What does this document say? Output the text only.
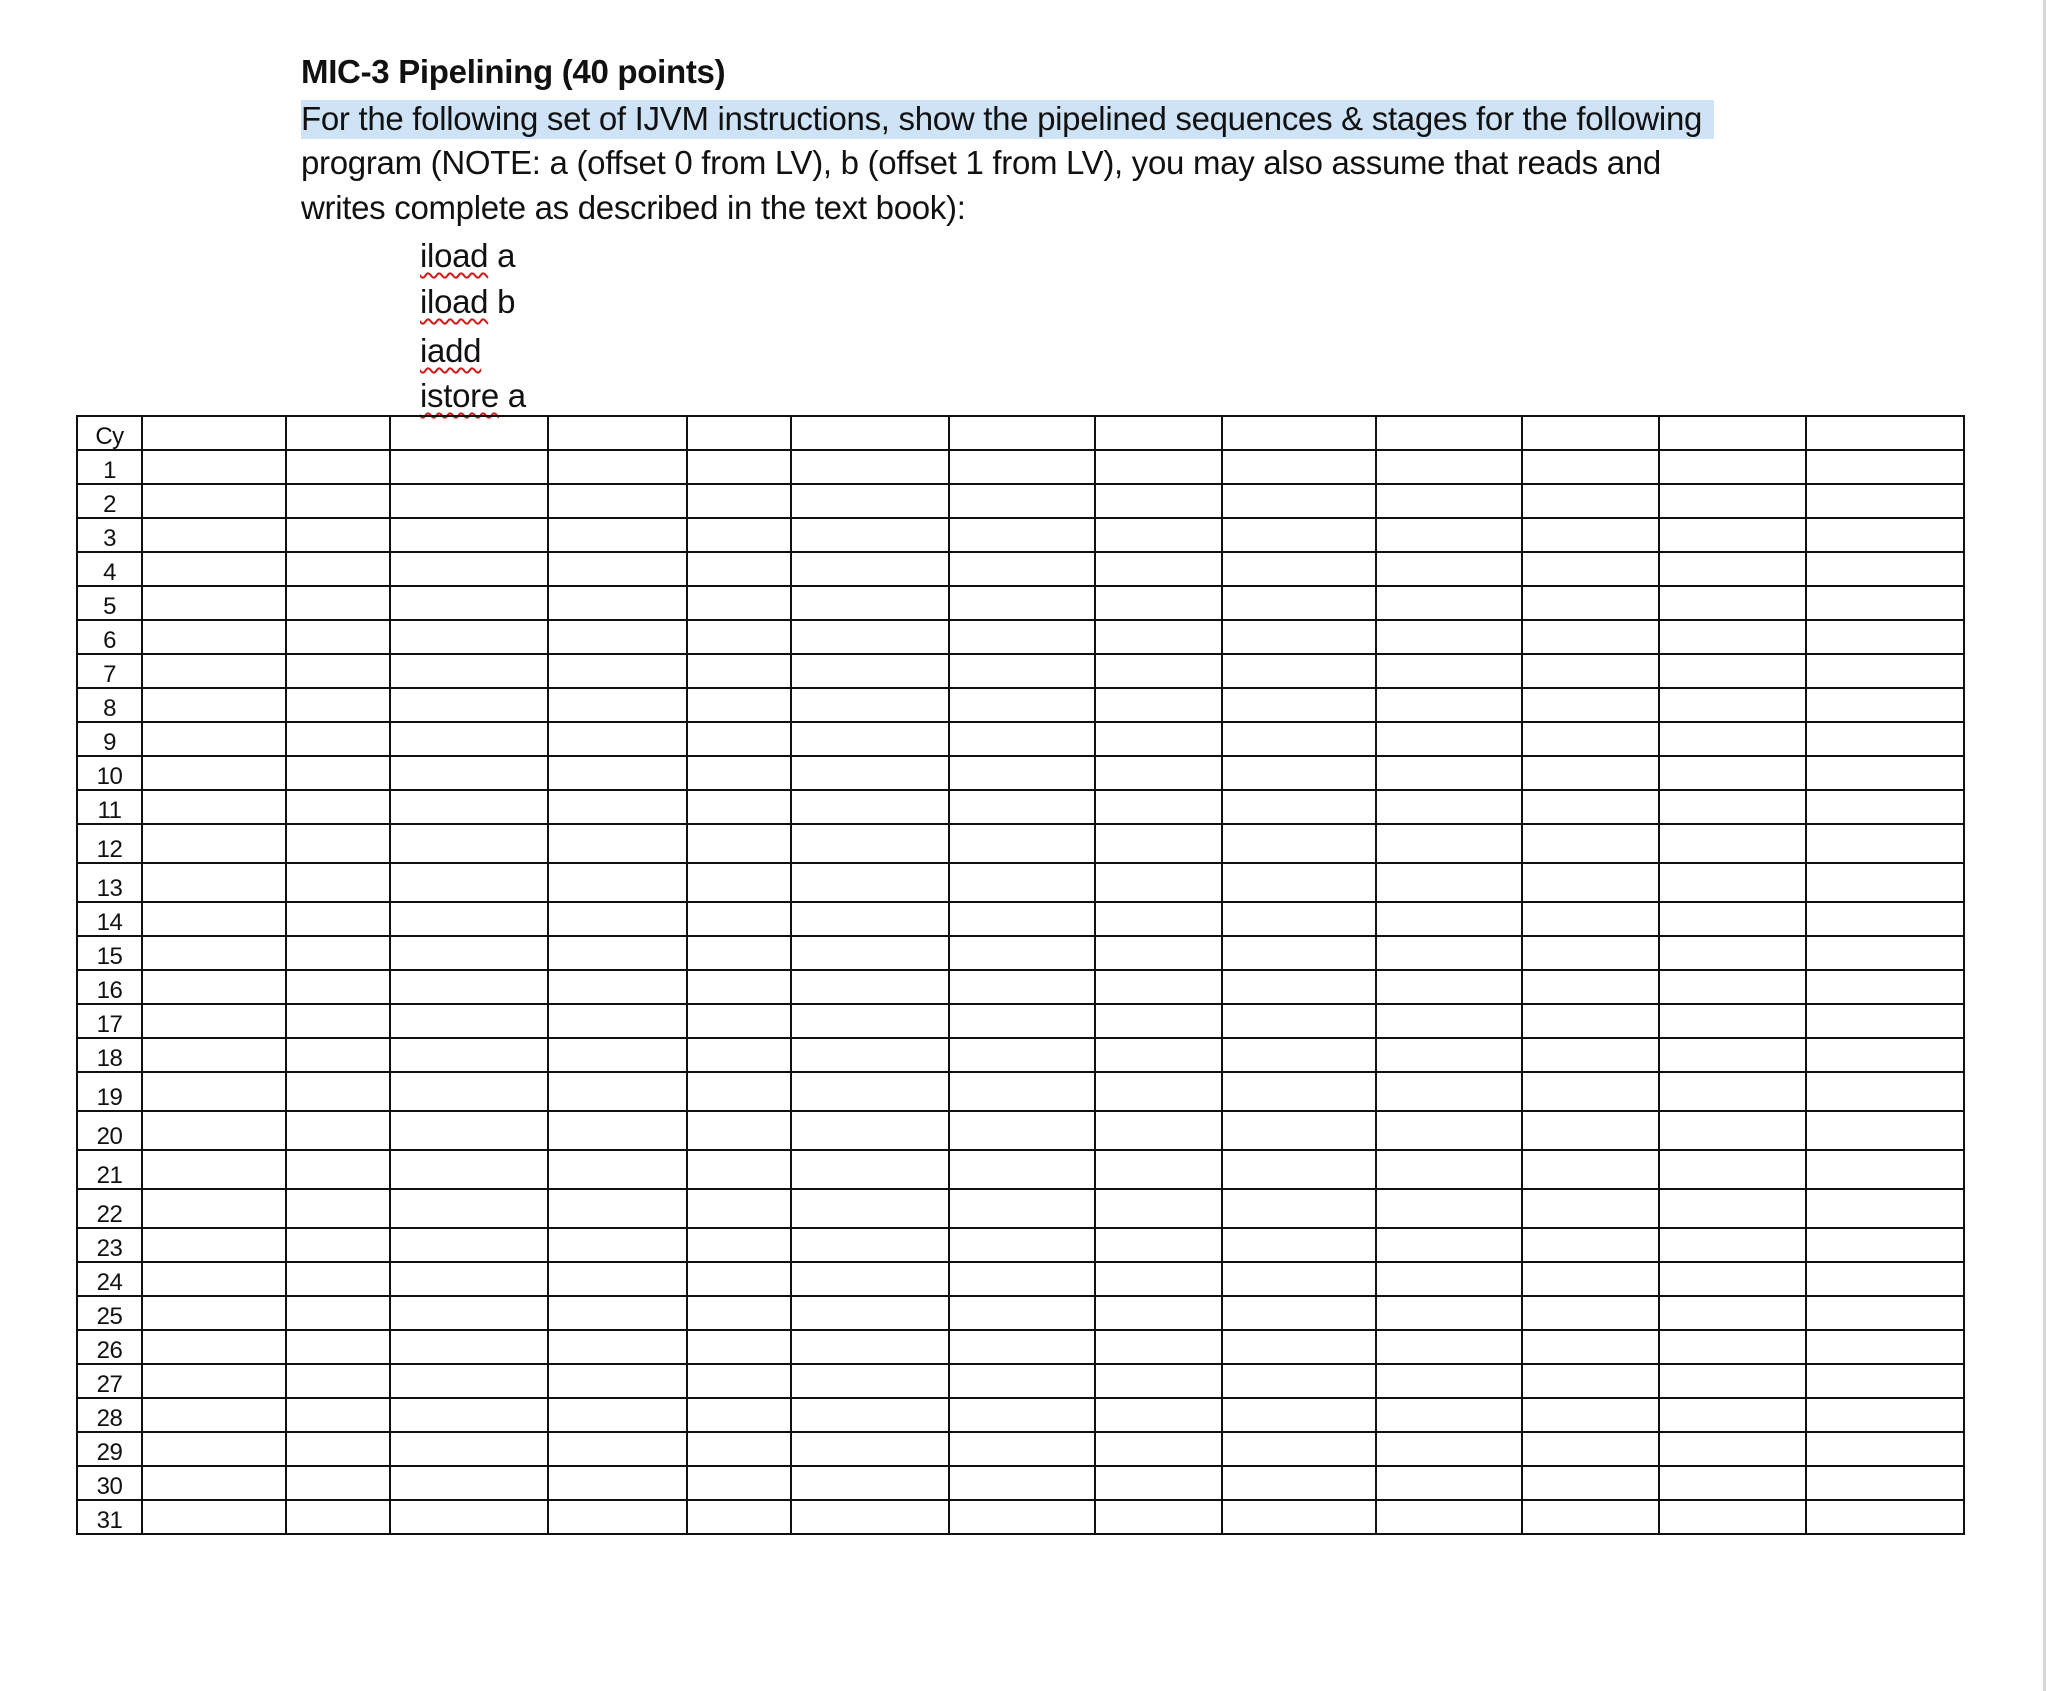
MIC-3 Pipelining (40 points)
For the following set of IJVM instructions, show the pipelined sequences & stages for the following
program (NOTE: a (offset 0 from LV), b (offset 1 from LV), you may also assume that reads and
writes complete as described in the text book):
iload a
iload b
iadd
istore a
Cy													
1													
2													
3													
4													
5													
6													
7													
8													
9													
10													
11													
12													
13													
14													
15													
16													
17													
18													
19													
20													
21													
22													
23													
24													
25													
26													
27													
28													
29													
30													
31													
